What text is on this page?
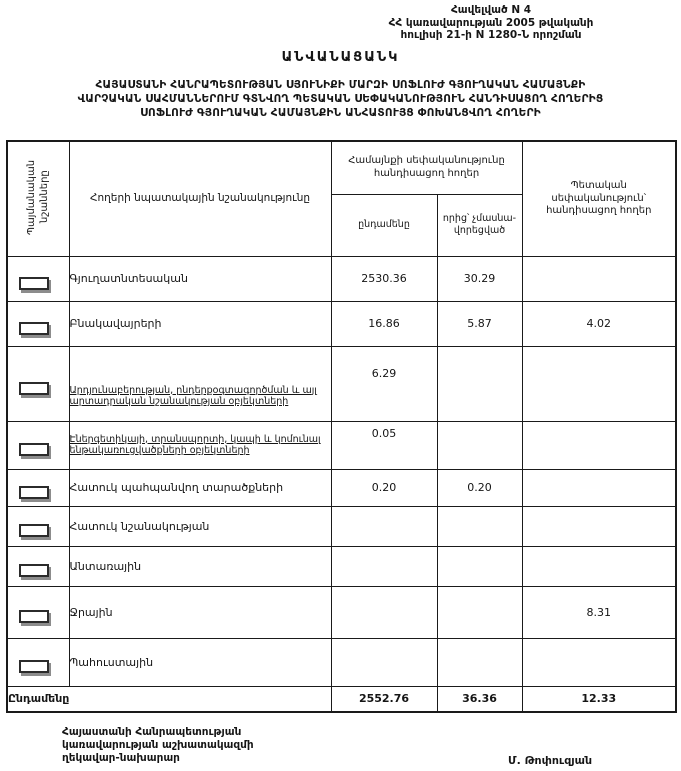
Հավելված N 4
ՀՀ կառավարության 2005 թվականի
հուլիսի 21-ի N 1280-Ն որոշման
ԱՆՎԱՆԱՑԱՆԿ
ՀԱՅԱՍՏԱՆԻ ՀԱՆՐԱՊԵՏՈՒԹՅԱՆ ՍՅՈՒՆԻՔԻ ՄԱՐԶԻ ՍՈՖԼՈՒԺ ԳՅՈՒՂԱԿԱՆ ՀԱՄԱՅՆՔԻ
ՎԱՐՉԱԿԱՆ ՍԱՀՄԱՆՆԵՐՈՒՄ ԳՏՆՎՈՂ ՊԵՏԱԿԱՆ ՍԵՓԱԿԱՆՈՒԹՅՈՒՆ ՀԱՆԴԻՍԱՑՈՂ ՀՈՂԵՐԻՑ
ՍՈՖԼՈՒԺ ԳՅՈՒՂԱԿԱՆ ՀԱՄԱՅՆՔԻՆ ԱՆՀԱՏՈՒՅՑ ՓՈԽԱՆՑՎՈՂ ՀՈՂԵՐԻ
Պայմանական նշանները	Հողերի նպատակային նշանակությունը	Համայնքի սեփականությունը հանդիսացող հողեր		Պետական սեփականություն՝ հանդիսացող հողեր
		ընդամենը	որից՝ չմասնա-վորեցված	

	Գյուղատնտեսական	2530.36	30.29	

	Բնակավայրերի	16.86	5.87	4.02

	Արդյունաբերության, ընդերքօգտագործման և այլ արտադրական նշանակության օբյեկտների	6.29		

	Էներգետիկայի, տրանսպորտի, կապի և կոմունալ ենթակառուցվածքների օբյեկտների	0.05		

	Հատուկ պահպանվող տարածքների	0.20	0.20	

	Հատուկ նշանակության			

	Անտառային			

	Ջրային			8.31

	Պահուստային			
Ընդամենը		2552.76	36.36	12.33
Հայաստանի Հանրապետության
կառավարության աշխատակազմի
ղեկավար-նախարար	Մ. Թոփուզյան
